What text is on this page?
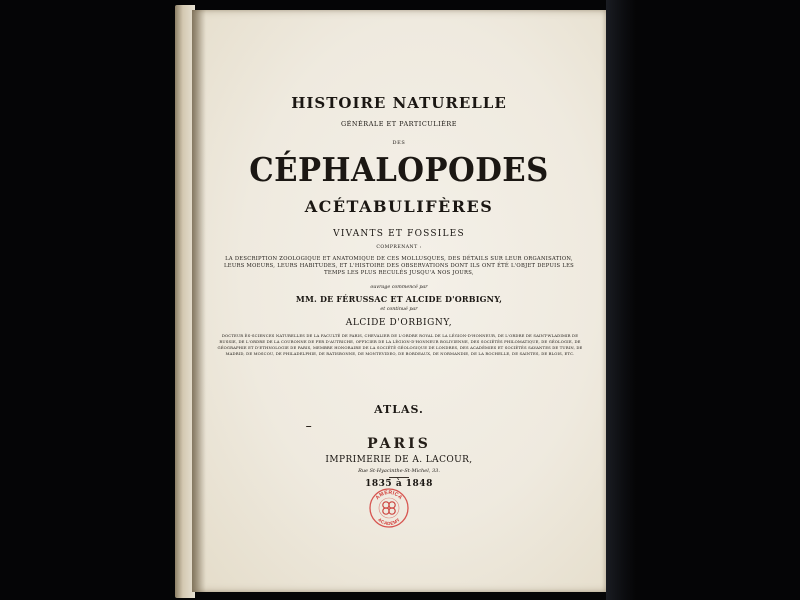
HISTOIRE NATURELLE
GÉNÉRALE ET PARTICULIÈRE
DES
CÉPHALOPODES
ACÉTABULIFÈRES
VIVANTS ET FOSSILES
COMPRENANT :
LA DESCRIPTION ZOOLOGIQUE ET ANATOMIQUE DE CES MOLLUSQUES, DES DÉTAILS SUR LEUR ORGANISATION, LEURS MOEURS, LEURS HABITUDES, ET L'HISTOIRE DES OBSERVATIONS DONT ILS ONT ÉTÉ L'OBJET DEPUIS LES TEMPS LES PLUS RECULÉS JUSQU'A NOS JOURS,
ouvrage commencé par
MM. DE FÉRUSSAC ET ALCIDE D'ORBIGNY,
et continué par
ALCIDE D'ORBIGNY,
DOCTEUR ÈS-SCIENCES NATURELLES DE LA FACULTÉ DE PARIS, CHEVALIER DE L'ORDRE ROYAL DE LA LÉGION-D'HONNEUR, DE L'ORDRE DE SAINT-WLADIMIR DE RUSSIE, DE L'ORDRE DE LA COURONNE DE FER D'AUTRICHE, OFFICIER DE LA LÉGION-D'HONNEUR BOLIVIENNE, DES SOCIÉTÉS PHILOMATIQUE, DE GÉOLOGIE, DE GÉOGRAPHIE ET D'ETHNOLOGIE DE PARIS, MEMBRE HONORAIRE DE LA SOCIÉTÉ GÉOLOGIQUE DE LONDRES, DES ACADÉMIES ET SOCIÉTÉS SAVANTES DE TURIN, DE MADRID, DE MOSCOU, DE PHILADELPHIE, DE RATISBONNE, DE MONTEVIDEO, DE BORDEAUX, DE NORMANDIE, DE LA ROCHELLE, DE SAINTES, DE BLOIS, ETC.
ATLAS.
PARIS
IMPRIMERIE DE A. LACOUR,
Rue St-Hyacinthe-St-Michel, 33.
1835 à 1848
AMERICA
ACADEMY
